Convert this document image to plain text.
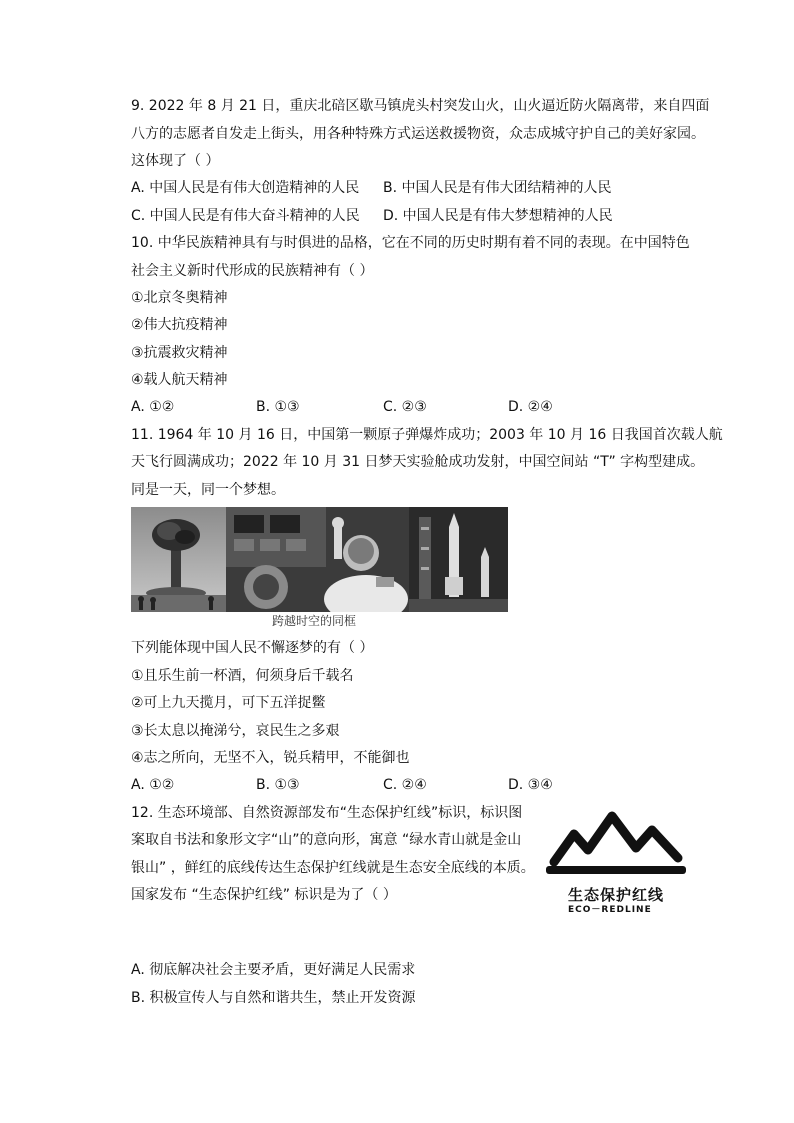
9. 2022 年 8 月 21 日，重庆北碚区歇马镇虎头村突发山火，山火逼近防火隔离带，来自四面
八方的志愿者自发走上街头，用各种特殊方式运送救援物资，众志成城守护自己的美好家园。
这体现了（ ）
A. 中国人民是有伟大创造精神的人民 B. 中国人民是有伟大团结精神的人民
C. 中国人民是有伟大奋斗精神的人民 D. 中国人民是有伟大梦想精神的人民
10. 中华民族精神具有与时俱进的品格，它在不同的历史时期有着不同的表现。在中国特色
社会主义新时代形成的民族精神有（ ）
①北京冬奥精神
②伟大抗疫精神
③抗震救灾精神
④载人航天精神
A. ①②	B. ①③	C. ②③	D. ②④
11. 1964 年 10 月 16 日，中国第一颗原子弹爆炸成功；2003 年 10 月 16 日我国首次载人航
天飞行圆满成功；2022 年 10 月 31 日梦天实验舱成功发射，中国空间站 “T” 字构型建成。
同是一天，同一个梦想。
跨越时空的同框
下列能体现中国人民不懈逐梦的有（ ）
①且乐生前一杯酒，何须身后千载名
②可上九天揽月，可下五洋捉鳖
③长太息以掩涕兮，哀民生之多艰
④志之所向，无坚不入，锐兵精甲，不能御也
A. ①②	B. ①③	C. ②④	D. ③④
12. 生态环境部、自然资源部发布“生态保护红线”标识，标识图
案取自书法和象形文字“山”的意向形，寓意 “绿水青山就是金山
银山” ，鲜红的底线传达生态保护红线就是生态安全底线的本质。
国家发布 “生态保护红线” 标识是为了（ ）	生态保护红线
ECO－REDLINE
A. 彻底解决社会主要矛盾，更好满足人民需求
B. 积极宣传人与自然和谐共生，禁止开发资源
